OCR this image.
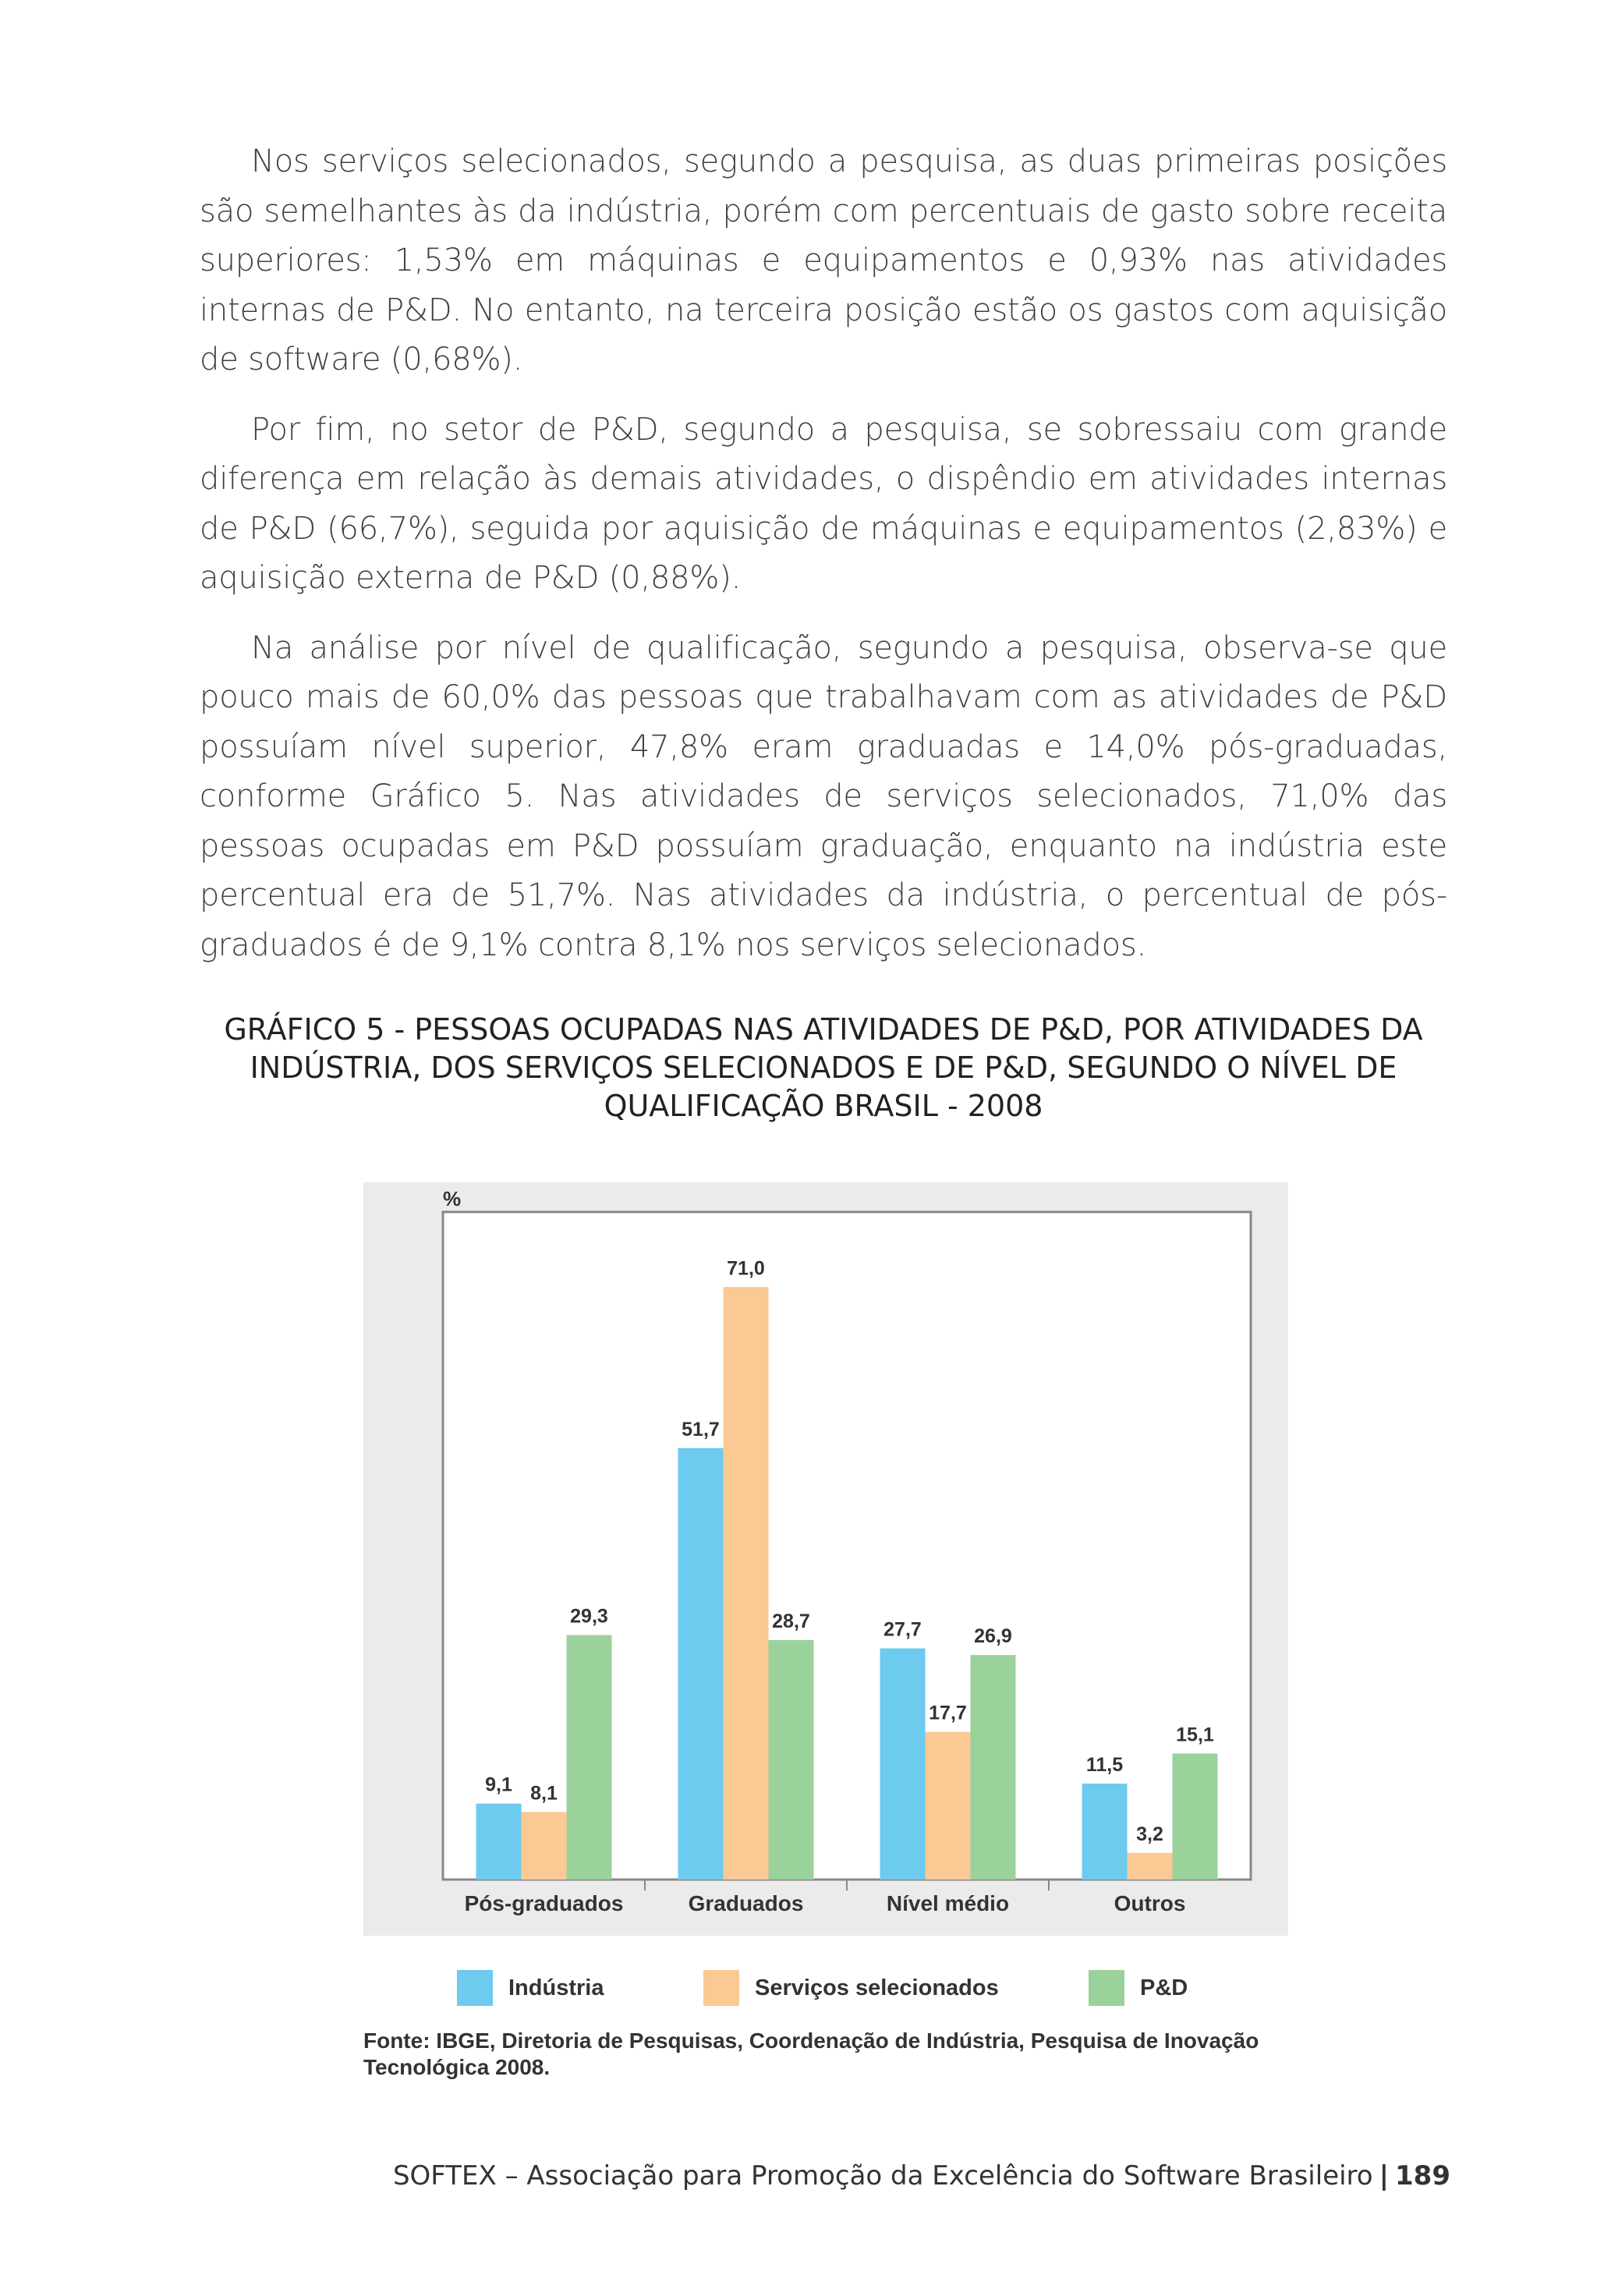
Nos serviços selecionados, segundo a pesquisa, as duas primeiras posições são semelhantes às da indústria, porém com percentuais de gasto sobre receita superiores: 1,53% em máquinas e equipamentos e 0,93% nas atividades internas de P&D. No entanto, na terceira posição estão os gastos com aquisição de software (0,68%).

Por fim, no setor de P&D, segundo a pesquisa, se sobressaiu com grande diferença em relação às demais atividades, o dispêndio em atividades internas de P&D (66,7%), seguida por aquisição de máquinas e equipamentos (2,83%) e aquisição externa de P&D (0,88%).

Na análise por nível de qualificação, segundo a pesquisa, observa-se que pouco mais de 60,0% das pessoas que trabalhavam com as atividades de P&D possuíam nível superior, 47,8% eram graduadas e 14,0% pós-graduadas, conforme Gráfico 5. Nas atividades de serviços selecionados, 71,0% das pessoas ocupadas em P&D possuíam graduação, enquanto na indústria este percentual era de 51,7%. Nas atividades da indústria, o percentual de pós-graduados é de 9,1% contra 8,1% nos serviços selecionados.

GRÁFICO 5 - PESSOAS OCUPADAS NAS ATIVIDADES DE P&D, POR ATIVIDADES DA INDÚSTRIA, DOS SERVIÇOS SELECIONADOS E DE P&D, SEGUNDO O NÍVEL DE QUALIFICAÇÃO BRASIL - 2008
%
9,1 8,1
29,3
Pós-graduados
51,7
71,0
28,7
Graduados
27,7
17,7
26,9
Nível médio
11,5
3,2
15,1
Outros
Indústria	Serviços selecionados	P&D
Fonte: IBGE, Diretoria de Pesquisas, Coordenação de Indústria, Pesquisa de Inovação Tecnológica 2008.
SOFTEX – Associação para Promoção da Excelência do Software Brasileiro | 189
